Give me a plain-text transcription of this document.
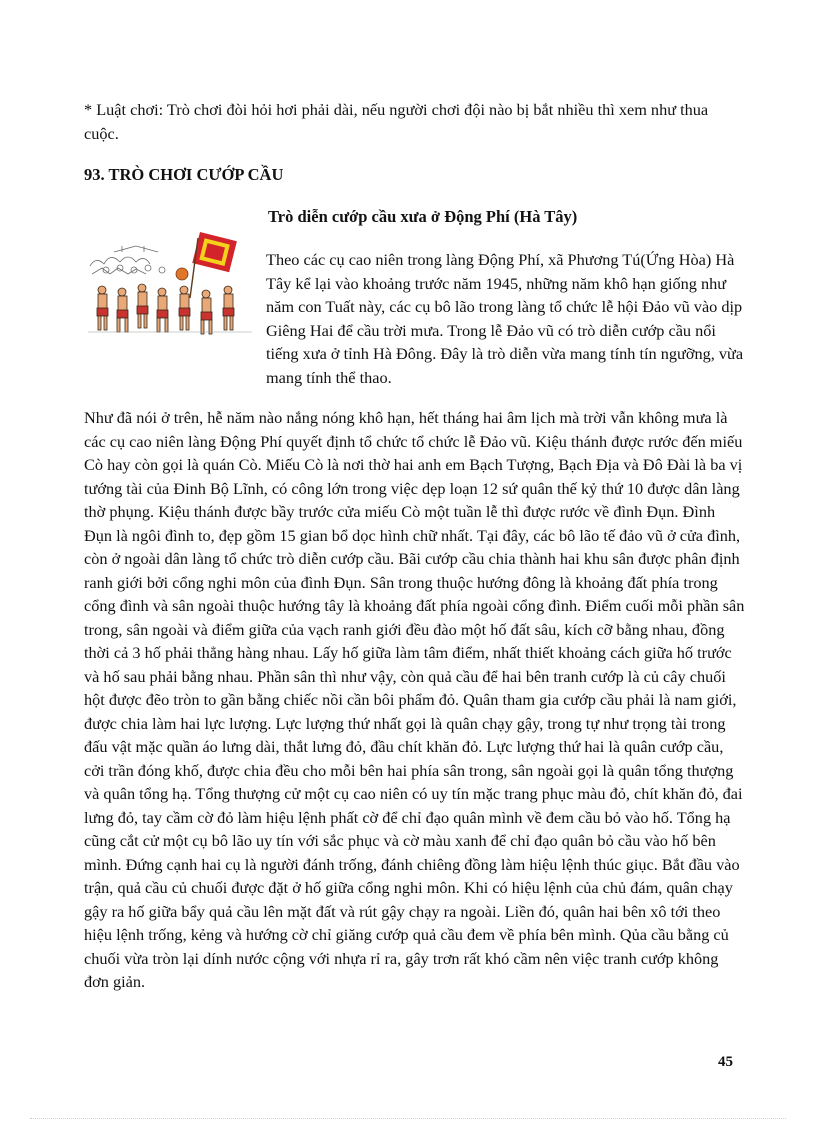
* Luật chơi: Trò chơi đòi hỏi hơi phải dài, nếu người chơi đội nào bị bắt nhiều thì xem như thua cuộc.

93. TRÒ CHƠI CƯỚP CẦU
Trò diễn cướp cầu xưa ở Động Phí (Hà Tây)

Theo các cụ cao niên trong làng Động Phí, xã Phương Tú(Ứng Hòa) Hà Tây kể lại vào khoảng trước năm 1945, những năm khô hạn giống như năm con Tuất này, các cụ bô lão trong làng tổ chức lễ hội Đảo vũ vào dịp Giêng Hai để cầu trời mưa. Trong lễ Đảo vũ có trò diễn cướp cầu nổi tiếng xưa ở tỉnh Hà Đông. Đây là trò diễn vừa mang tính tín ngưỡng, vừa mang tính thể thao.

Như đã nói ở trên, hễ năm nào nắng nóng khô hạn, hết tháng hai âm lịch mà trời vẫn không mưa là các cụ cao niên làng Động Phí quyết định tổ chức tổ chức lễ Đảo vũ. Kiệu thánh được rước đến miếu Cò hay còn gọi là quán Cò. Miếu Cò là nơi thờ hai anh em Bạch Tượng, Bạch Địa và Đô Đài là ba vị tướng tài của Đinh Bộ Lĩnh, có công lớn trong việc dẹp loạn 12 sứ quân thế kỷ thứ 10 được dân làng thờ phụng. Kiệu thánh được bầy trước cửa miếu Cò một tuần lễ thì được rước về đình Đụn. Đình Đụn là ngôi đình to, đẹp gồm 15 gian bổ dọc hình chữ nhất. Tại đây, các bô lão tế đảo vũ ở cửa đình, còn ở ngoài dân làng tổ chức trò diễn cướp cầu. Bãi cướp cầu chia thành hai khu sân được phân định ranh giới bởi cổng nghi môn của đình Đụn. Sân trong thuộc hướng đông là khoảng đất phía trong cổng đình và sân ngoài thuộc hướng tây là khoảng đất phía ngoài cổng đình. Điểm cuối mỗi phần sân trong, sân ngoài và điểm giữa của vạch ranh giới đều đào một hố đất sâu, kích cỡ bằng nhau, đồng thời cả 3 hố phải thẳng hàng nhau. Lấy hố giữa làm tâm điểm, nhất thiết khoảng cách giữa hố trước và hố sau phải bằng nhau. Phần sân thì như vậy, còn quả cầu để hai bên tranh cướp là củ cây chuối hột được đẽo tròn to gần bằng chiếc nồi cần bôi phẩm đỏ. Quân tham gia cướp cầu phải là nam giới, được chia làm hai lực lượng. Lực lượng thứ nhất gọi là quân chạy gậy, trong tự như trọng tài trong đấu vật mặc quần áo lưng dài, thắt lưng đỏ, đầu chít khăn đỏ. Lực lượng thứ hai là quân cướp cầu, cởi trần đóng khố, được chia đều cho mỗi bên hai phía sân trong, sân ngoài gọi là quân tổng thượng và quân tổng hạ. Tổng thượng cử một cụ cao niên có uy tín mặc trang phục màu đỏ, chít khăn đỏ, đai lưng đỏ, tay cầm cờ đỏ làm hiệu lệnh phất cờ để chỉ đạo quân mình về đem cầu bỏ vào hố. Tổng hạ cũng cắt cử một cụ bô lão uy tín với sắc phục và cờ màu xanh để chỉ đạo quân bỏ cầu vào hố bên mình. Đứng cạnh hai cụ là người đánh trống, đánh chiêng đồng làm hiệu lệnh thúc giục. Bắt đầu vào trận, quả cầu củ chuối được đặt ở hố giữa cổng nghi môn. Khi có hiệu lệnh của chủ đám, quân chạy gậy ra hố giữa bẩy quả cầu lên mặt đất và rút gậy chạy ra ngoài. Liền đó, quân hai bên xô tới theo hiệu lệnh trống, kẻng và hướng cờ chỉ giăng cướp quả cầu đem về phía bên mình. Qủa cầu bằng củ chuối vừa tròn lại dính nước cộng với nhựa rỉ ra, gây trơn rất khó cầm nên việc tranh cướp không đơn giản.

45
